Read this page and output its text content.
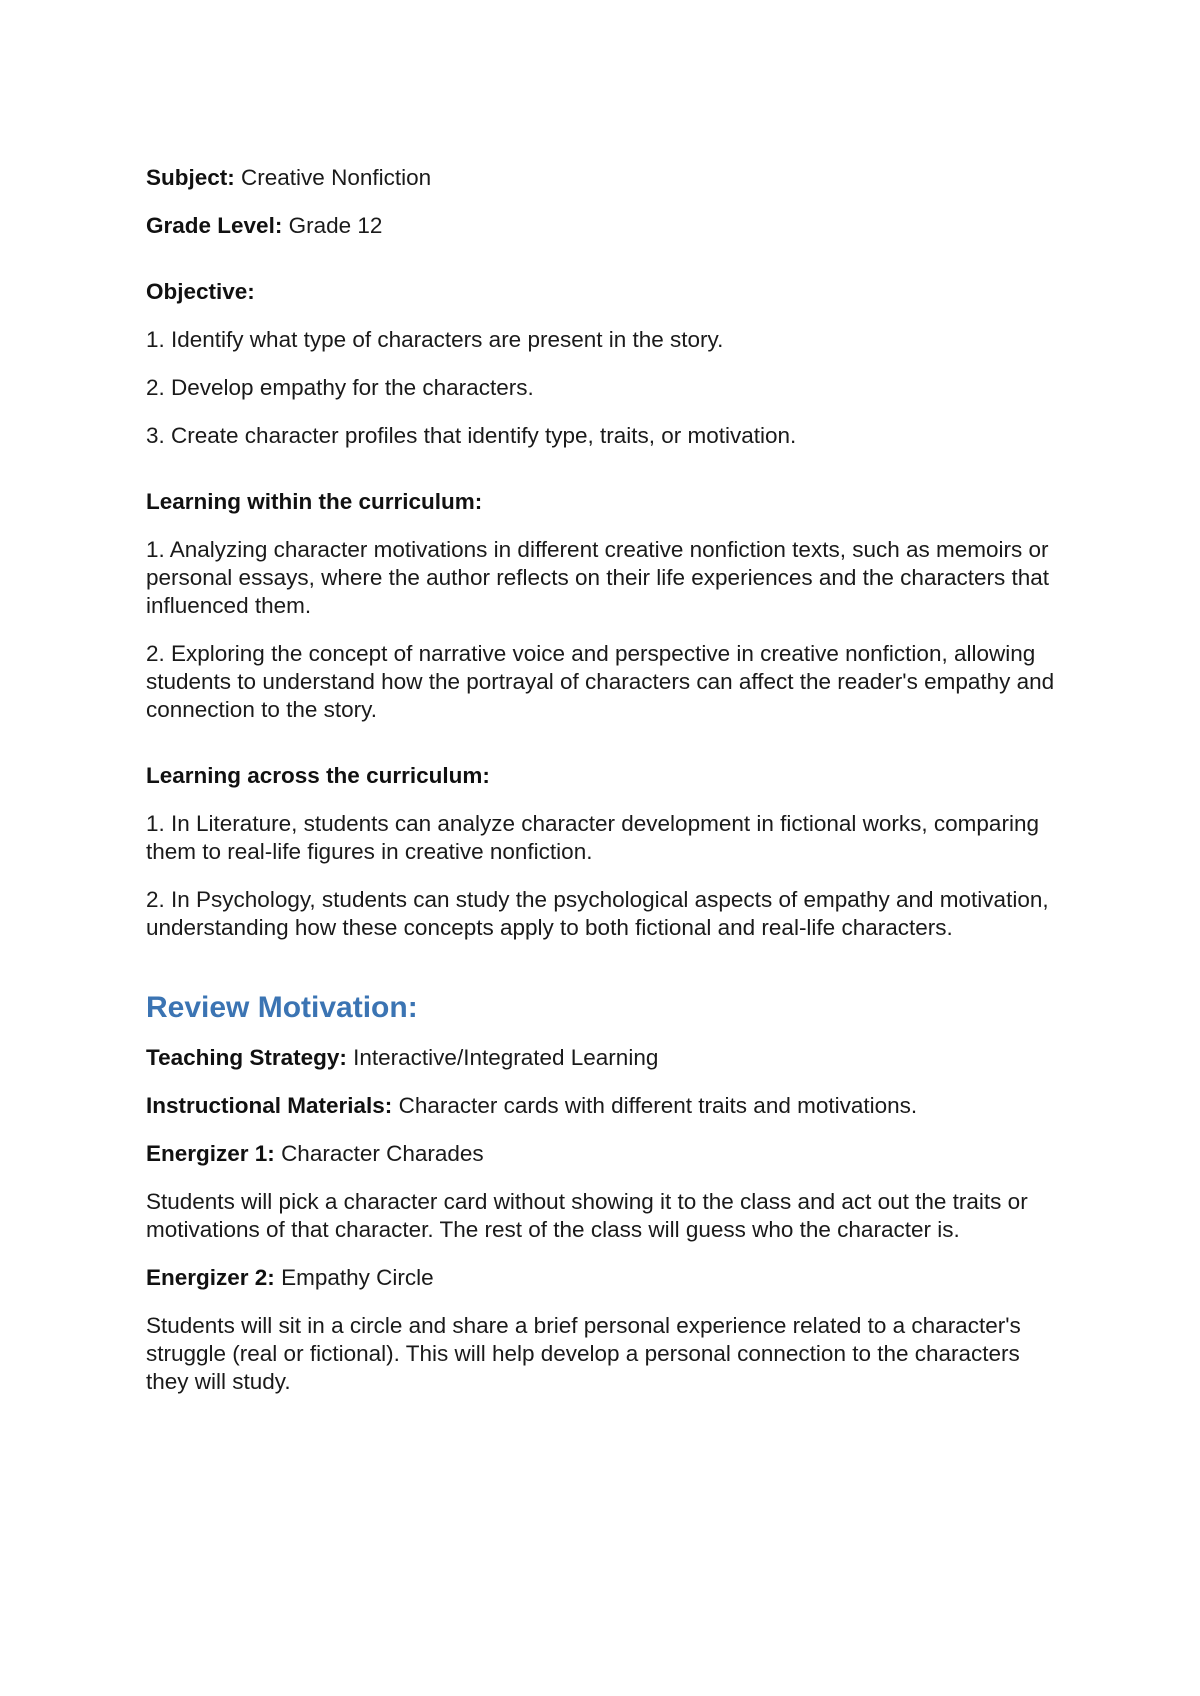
Subject: Creative Nonfiction

Grade Level: Grade 12

Objective:

1. Identify what type of characters are present in the story.

2. Develop empathy for the characters.

3. Create character profiles that identify type, traits, or motivation.

Learning within the curriculum:

1. Analyzing character motivations in different creative nonfiction texts, such as memoirs or personal essays, where the author reflects on their life experiences and the characters that influenced them.

2. Exploring the concept of narrative voice and perspective in creative nonfiction, allowing students to understand how the portrayal of characters can affect the reader's empathy and connection to the story.

Learning across the curriculum:

1. In Literature, students can analyze character development in fictional works, comparing them to real-life figures in creative nonfiction.

2. In Psychology, students can study the psychological aspects of empathy and motivation, understanding how these concepts apply to both fictional and real-life characters.

Review Motivation:

Teaching Strategy: Interactive/Integrated Learning

Instructional Materials: Character cards with different traits and motivations.

Energizer 1: Character Charades

Students will pick a character card without showing it to the class and act out the traits or motivations of that character. The rest of the class will guess who the character is.

Energizer 2: Empathy Circle

Students will sit in a circle and share a brief personal experience related to a character's struggle (real or fictional). This will help develop a personal connection to the characters they will study.
